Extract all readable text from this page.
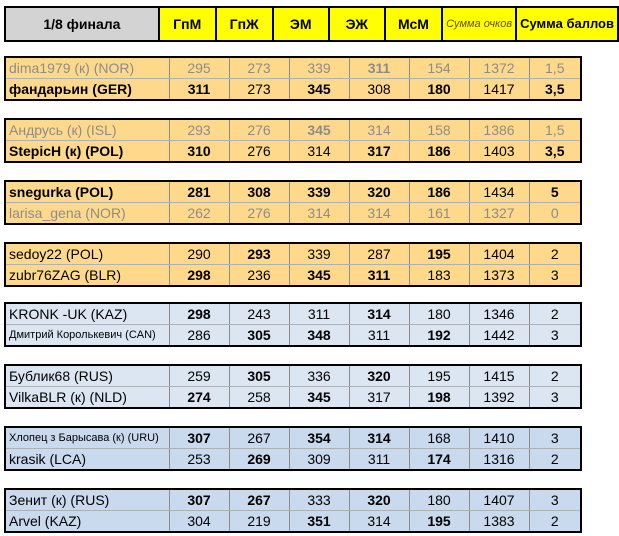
1/8 финала	ГпМ	ГпЖ	ЭМ	ЭЖ	МсМ	Сумма очков	Сумма баллов
dima1979 (к) (NOR)	295	273	339	311	154	1372	1,5
фандарьин (GER)	311	273	345	308	180	1417	3,5
Андрусь (к) (ISL)	293	276	345	314	158	1386	1,5
StepicH (к) (POL)	310	276	314	317	186	1403	3,5
snegurka (POL)	281	308	339	320	186	1434	5
larisa_gena (NOR)	262	276	314	314	161	1327	0
sedoy22 (POL)	290	293	339	287	195	1404	2
zubr76ZAG (BLR)	298	236	345	311	183	1373	3
KRONK -UK (KAZ)	298	243	311	314	180	1346	2
Дмитрий Королькевич (CAN)	286	305	348	311	192	1442	3
Бублик68 (RUS)	259	305	336	320	195	1415	2
VilkaBLR (к) (NLD)	274	258	345	317	198	1392	3
Хлопец з Барысава (к) (URU)	307	267	354	314	168	1410	3
krasik (LCA)	253	269	309	311	174	1316	2
Зенит (к) (RUS)	307	267	333	320	180	1407	3
Arvel (KAZ)	304	219	351	314	195	1383	2
